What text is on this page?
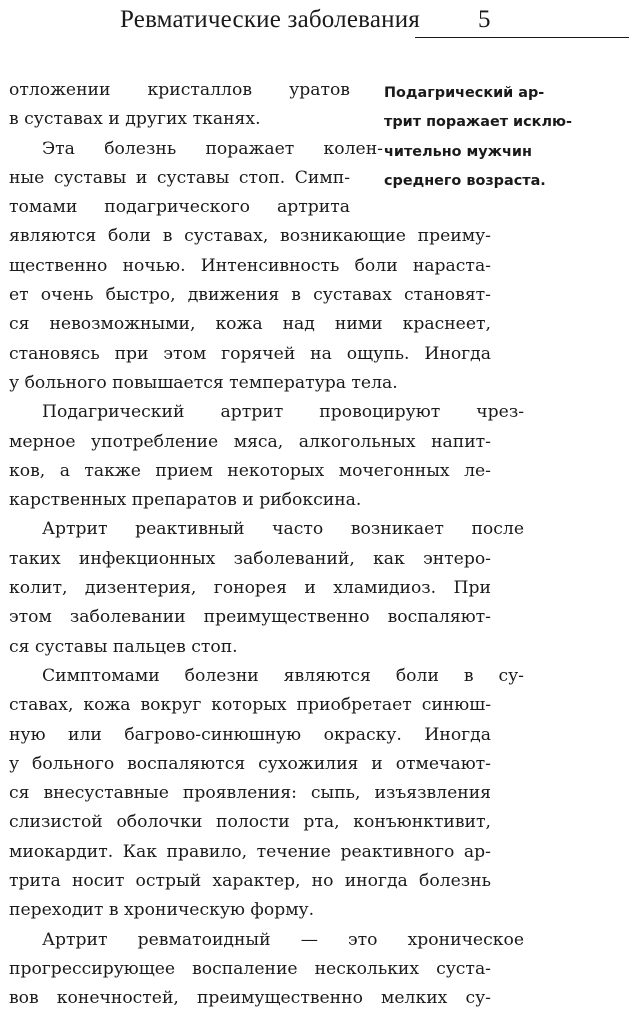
Ревматические заболевания 5
Подагрический ар-
трит поражает исклю-
чительно мужчин
среднего возраста.
отложении кристаллов уратов
в суставах и других тканях.
Эта болезнь поражает колен-
ные суставы и суставы стоп. Симп-
томами подагрического артрита
являются боли в суставах, возникающие преиму-
щественно ночью. Интенсивность боли нараста-
ет очень быстро, движения в суставах становят-
ся невозможными, кожа над ними краснеет,
становясь при этом горячей на ощупь. Иногда
у больного повышается температура тела.
Подагрический артрит провоцируют чрез-
мерное употребление мяса, алкогольных напит-
ков, а также прием некоторых мочегонных ле-
карственных препаратов и рибоксина.
Артрит реактивный часто возникает после
таких инфекционных заболеваний, как энтеро-
колит, дизентерия, гонорея и хламидиоз. При
этом заболевании преимущественно воспаляют-
ся суставы пальцев стоп.
Симптомами болезни являются боли в су-
ставах, кожа вокруг которых приобретает синюш-
ную или багрово-синюшную окраску. Иногда
у больного воспаляются сухожилия и отмечают-
ся внесуставные проявления: сыпь, изъязвления
слизистой оболочки полости рта, конъюнктивит,
миокардит. Как правило, течение реактивного ар-
трита носит острый характер, но иногда болезнь
переходит в хроническую форму.
Артрит ревматоидный — это хроническое
прогрессирующее воспаление нескольких суста-
вов конечностей, преимущественно мелких су-
